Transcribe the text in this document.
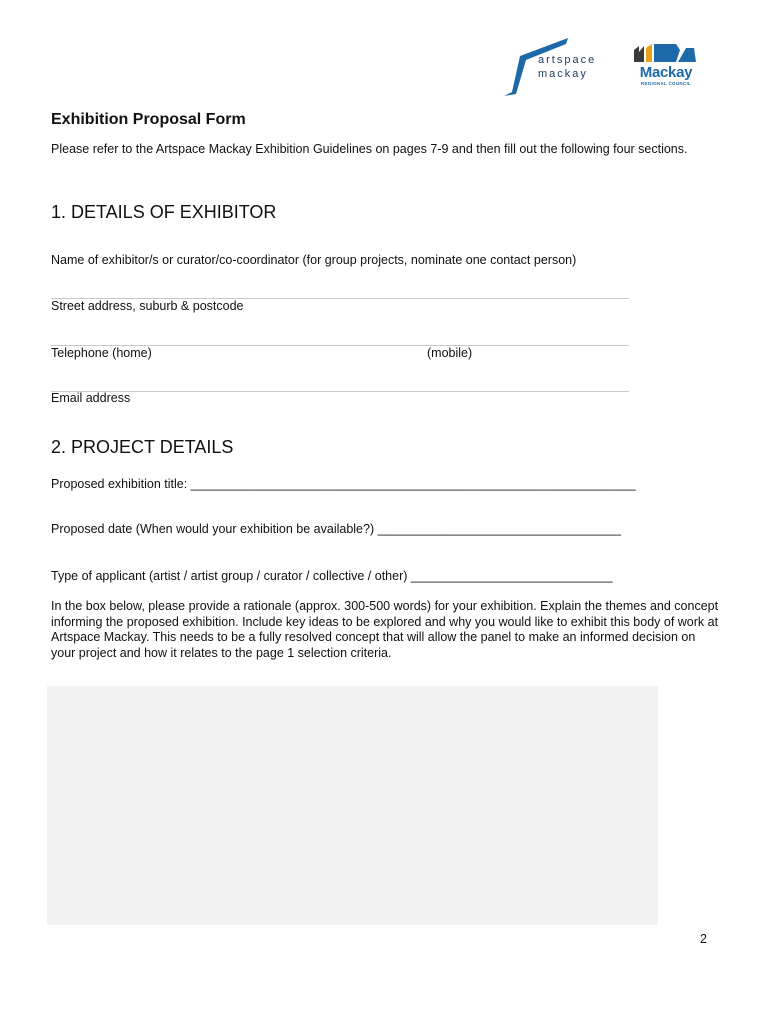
artspace
mackay	Mackay
REGIONAL COUNCIL
Exhibition Proposal Form
Please refer to the Artspace Mackay Exhibition Guidelines on pages 7-9 and then fill out the following four sections.
1. DETAILS OF EXHIBITOR
Name of exhibitor/s or curator/co-coordinator (for group projects, nominate one contact person)
Street address, suburb & postcode
Telephone (home)	(mobile)
Email address
2. PROJECT DETAILS
Proposed exhibition title: ________________________________________________________________
Proposed date (When would your exhibition be available?) ___________________________________
Type of applicant (artist / artist group / curator / collective / other) _____________________________
In the box below, please provide a rationale (approx. 300-500 words) for your exhibition. Explain the themes and concept informing the proposed exhibition. Include key ideas to be explored and why you would like to exhibit this body of work at Artspace Mackay. This needs to be a fully resolved concept that will allow the panel to make an informed decision on your project and how it relates to the page 1 selection criteria.
2
